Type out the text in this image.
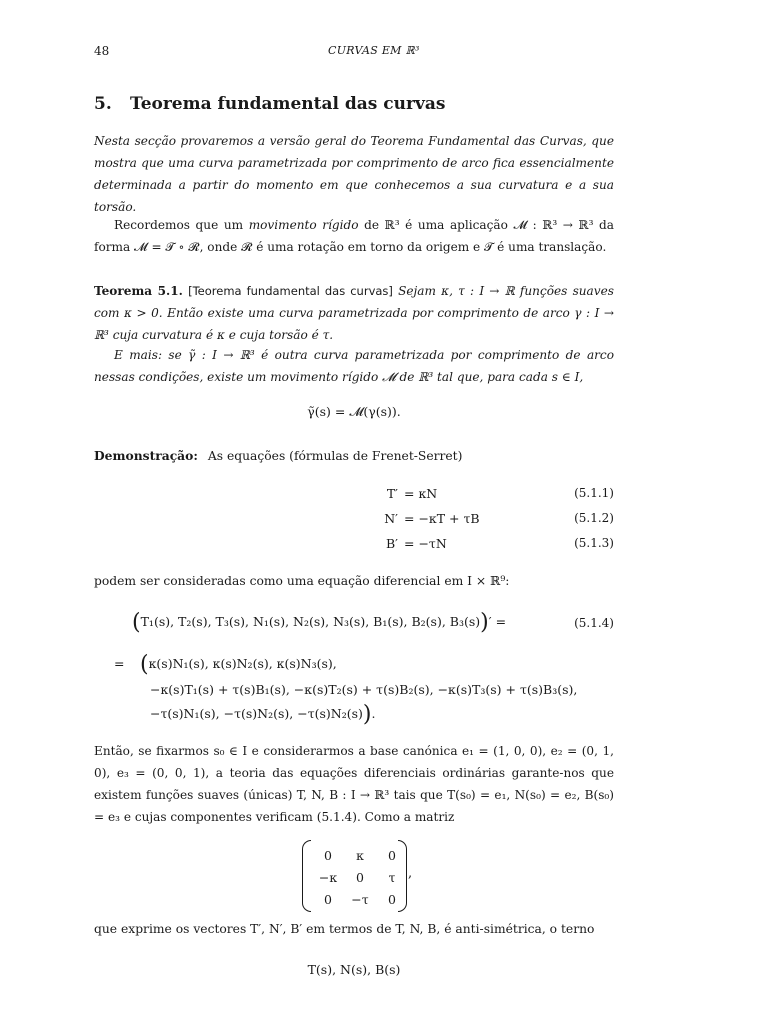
48	CURVAS EM ℝ³
5. Teorema fundamental das curvas

Nesta secção provaremos a versão geral do Teorema Fundamental das Curvas, que mostra que uma curva parametrizada por comprimento de arco fica essencialmente determinada a partir do momento em que conhecemos a sua curvatura e a sua torsão.

Recordemos que um movimento rígido de ℝ³ é uma aplicação 𝓜 : ℝ³ → ℝ³ da forma 𝓜 = 𝓣 ∘ 𝓡, onde 𝓡 é uma rotação em torno da origem e 𝓣 é uma translação.

Teorema 5.1. [Teorema fundamental das curvas] Sejam κ, τ : I → ℝ funções suaves com κ > 0. Então existe uma curva parametrizada por comprimento de arco γ : I → ℝ³ cuja curvatura é κ e cuja torsão é τ.

E mais: se γ̃ : I → ℝ³ é outra curva parametrizada por comprimento de arco nessas condições, existe um movimento rígido 𝓜 de ℝ³ tal que, para cada s ∈ I,

γ̃(s) = 𝓜(γ(s)).
Demonstração: As equações (fórmulas de Frenet-Serret)
T′ = κN	(5.1.1)
N′ = −κT + τB	(5.1.2)
B′ = −τN	(5.1.3)
podem ser consideradas como uma equação diferencial em I × ℝ⁹:
(T₁(s), T₂(s), T₃(s), N₁(s), N₂(s), N₃(s), B₁(s), B₂(s), B₃(s))′ =	(5.1.4)
= (κ(s)N₁(s), κ(s)N₂(s), κ(s)N₃(s),
−κ(s)T₁(s) + τ(s)B₁(s), −κ(s)T₂(s) + τ(s)B₂(s), −κ(s)T₃(s) + τ(s)B₃(s),
−τ(s)N₁(s), −τ(s)N₂(s), −τ(s)N₂(s)).

Então, se fixarmos s₀ ∈ I e considerarmos a base canónica e₁ = (1, 0, 0), e₂ = (0, 1, 0), e₃ = (0, 0, 1), a teoria das equações diferenciais ordinárias garante-nos que existem funções suaves (únicas) T, N, B : I → ℝ³ tais que T(s₀) = e₁, N(s₀) = e₂, B(s₀) = e₃ e cujas componentes verificam (5.1.4). Como a matriz

0	κ	0
−κ	0	τ
0	−τ	0
,
que exprime os vectores T′, N′, B′ em termos de T, N, B, é anti-simétrica, o terno
T(s), N(s), B(s)
